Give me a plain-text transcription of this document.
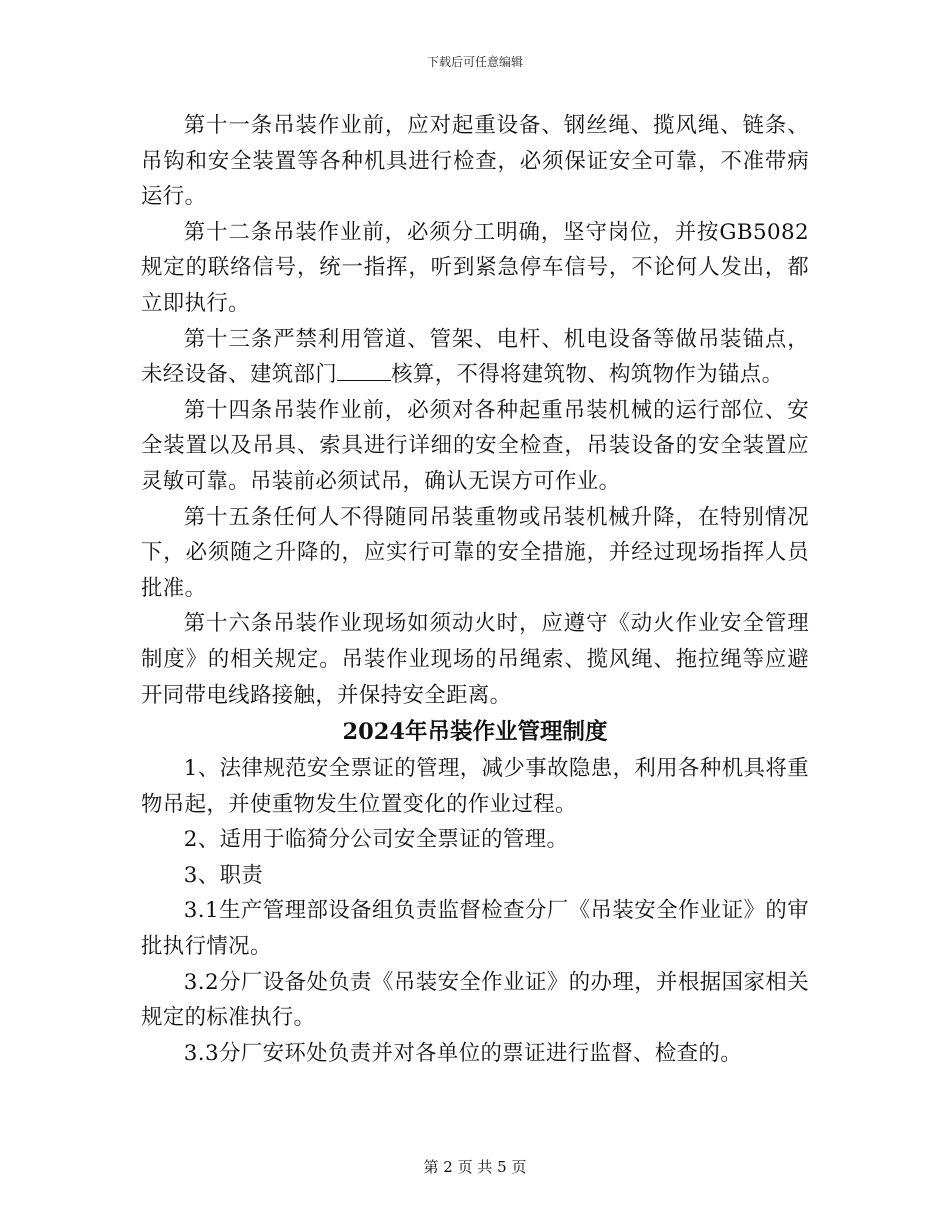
下载后可任意编辑

第十一条吊装作业前，应对起重设备、钢丝绳、揽风绳、链条、吊钩和安全装置等各种机具进行检查，必须保证安全可靠，不准带病运行。

第十二条吊装作业前，必须分工明确，坚守岗位，并按GB5082规定的联络信号，统一指挥，听到紧急停车信号，不论何人发出，都立即执行。

第十三条严禁利用管道、管架、电杆、机电设备等做吊装锚点，未经设备、建筑部门	核算，不得将建筑物、构筑物作为锚点。

第十四条吊装作业前，必须对各种起重吊装机械的运行部位、安全装置以及吊具、索具进行详细的安全检查，吊装设备的安全装置应灵敏可靠。吊装前必须试吊，确认无误方可作业。

第十五条任何人不得随同吊装重物或吊装机械升降，在特别情况下，必须随之升降的，应实行可靠的安全措施，并经过现场指挥人员批准。

第十六条吊装作业现场如须动火时，应遵守《动火作业安全管理制度》的相关规定。吊装作业现场的吊绳索、揽风绳、拖拉绳等应避开同带电线路接触，并保持安全距离。

2024年吊装作业管理制度

1、法律规范安全票证的管理，减少事故隐患，利用各种机具将重物吊起，并使重物发生位置变化的作业过程。

2、适用于临猗分公司安全票证的管理。

3、职责

3.1生产管理部设备组负责监督检查分厂《吊装安全作业证》的审批执行情况。

3.2分厂设备处负责《吊装安全作业证》的办理，并根据国家相关规定的标准执行。

3.3分厂安环处负责并对各单位的票证进行监督、检查的。

第 2 页 共 5 页
